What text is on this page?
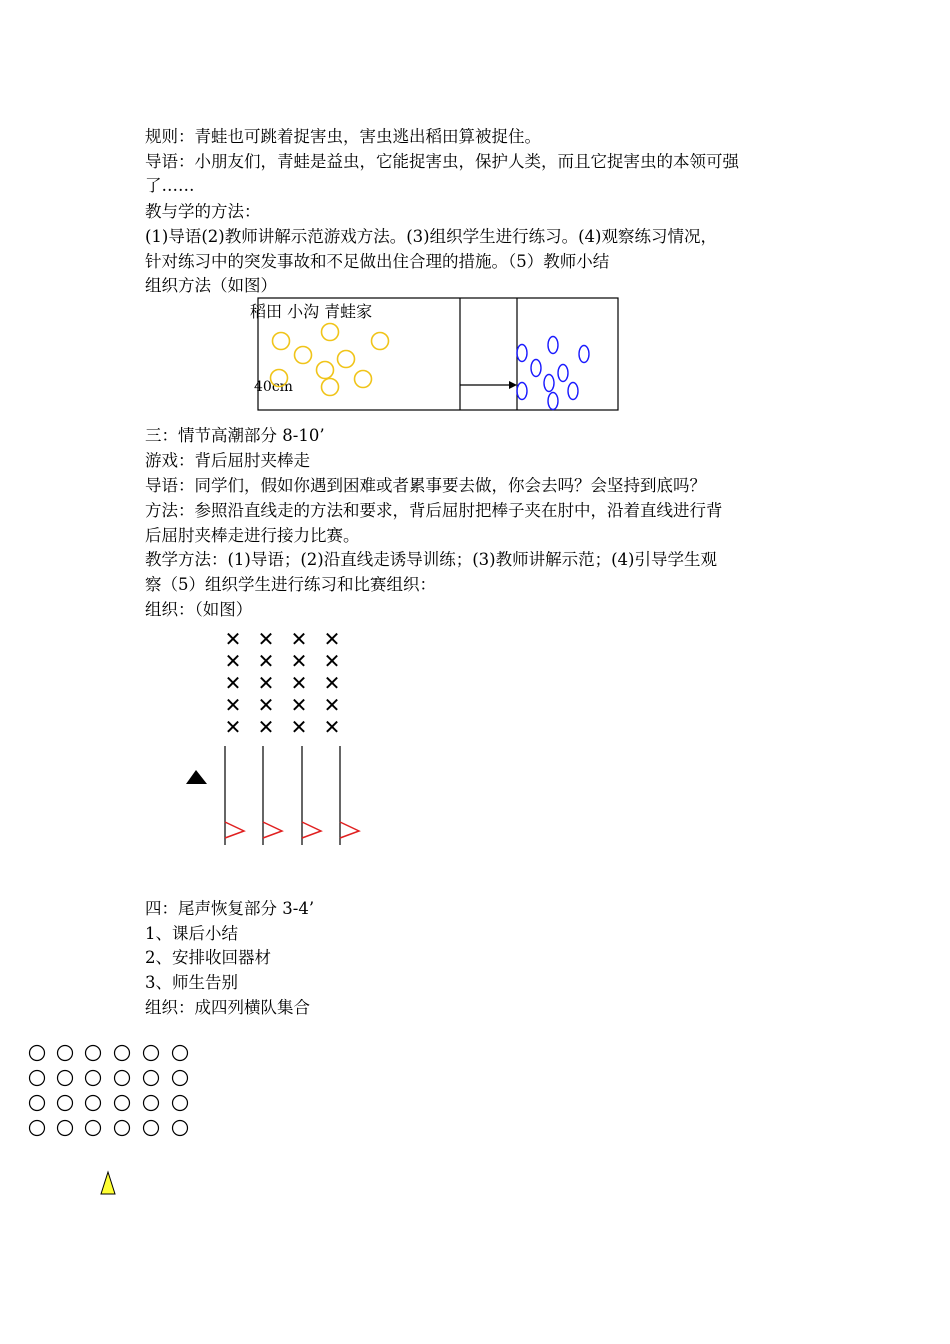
规则：青蛙也可跳着捉害虫，害虫逃出稻田算被捉住。
导语：小朋友们，青蛙是益虫，它能捉害虫，保护人类，而且它捉害虫的本领可强
了……
教与学的方法：
(1)导语(2)教师讲解示范游戏方法。(3)组织学生进行练习。(4)观察练习情况，
针对练习中的突发事故和不足做出住合理的措施。（5）教师小结
组织方法（如图）
三：情节高潮部分 8-10’
游戏：背后屈肘夹棒走
导语：同学们，假如你遇到困难或者累事要去做，你会去吗？会坚持到底吗？
方法：参照沿直线走的方法和要求，背后屈肘把棒子夹在肘中，沿着直线进行背
后屈肘夹棒走进行接力比赛。
教学方法：(1)导语；(2)沿直线走诱导训练；(3)教师讲解示范；(4)引导学生观
察（5）组织学生进行练习和比赛组织：
组织：（如图）
四：尾声恢复部分 3-4’
1、课后小结
2、安排收回器材
3、师生告别
组织：成四列横队集合
稻田 小沟 青蛙家
40cm
✕ ✕ ✕ ✕
✕ ✕ ✕ ✕
✕ ✕ ✕ ✕
✕ ✕ ✕ ✕
✕ ✕ ✕ ✕
